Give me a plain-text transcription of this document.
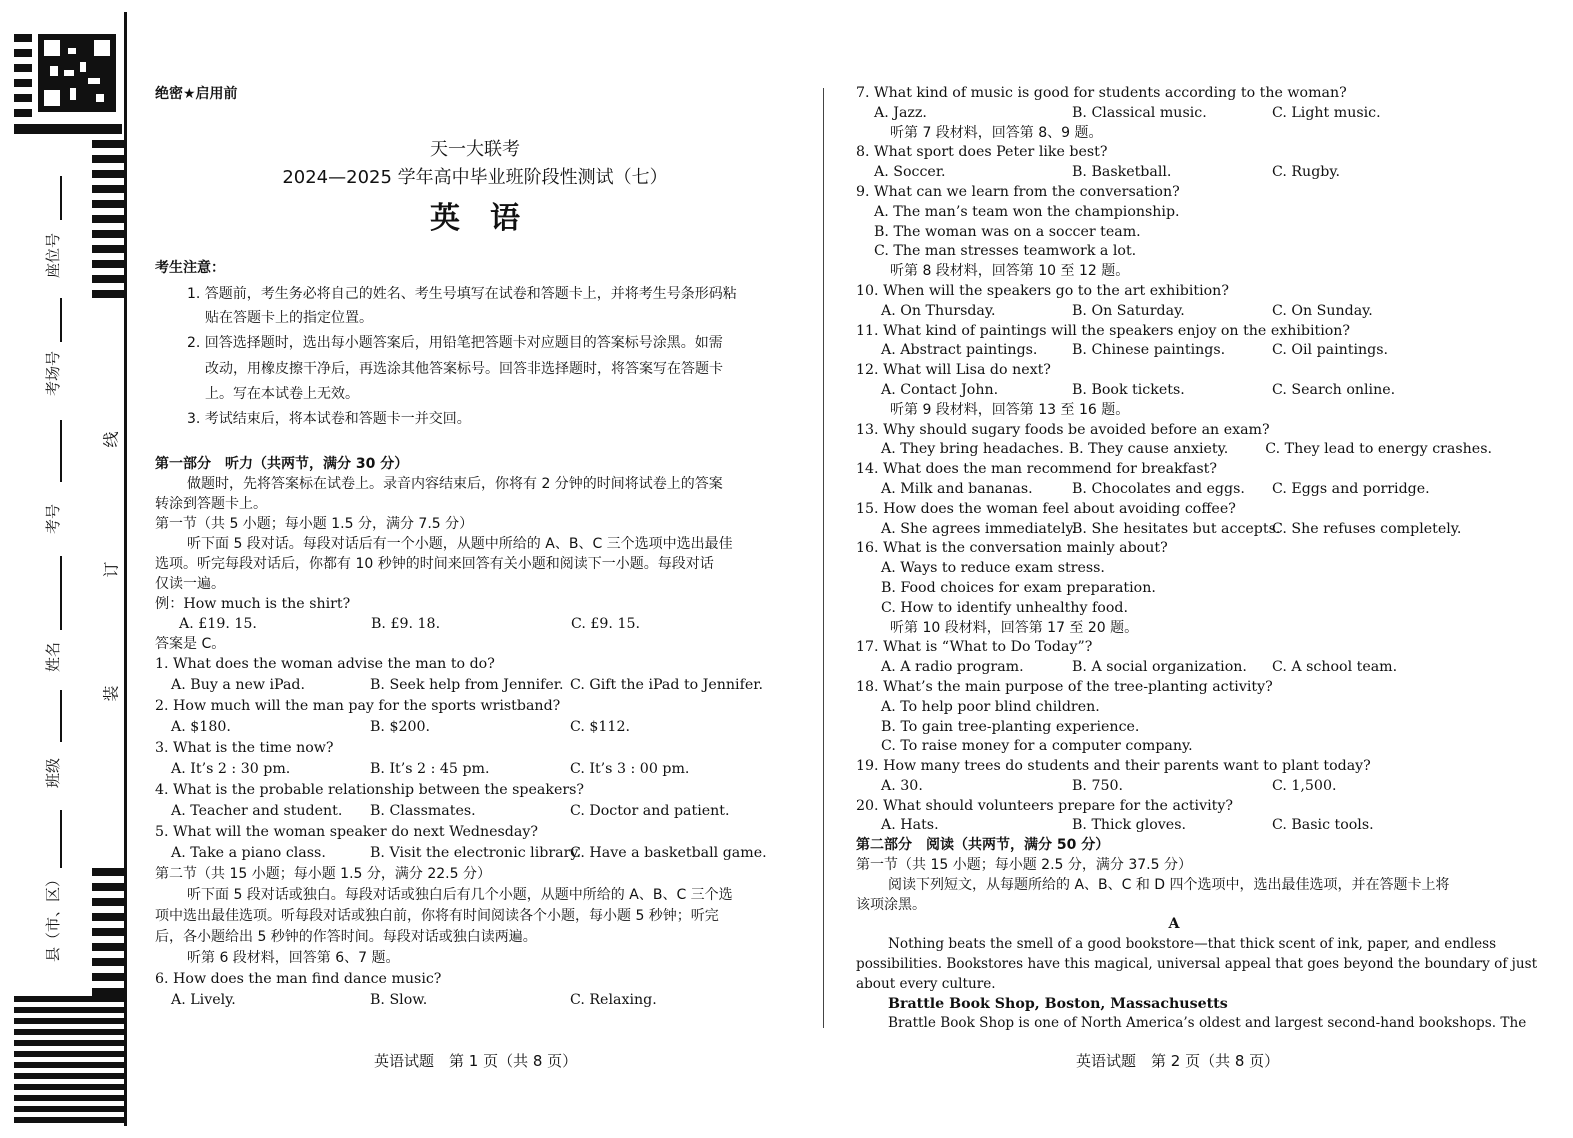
座位号
考场号
考号
姓名
班级
县（市、区）
线
订
装
绝密★启用前
天一大联考
2024—2025 学年高中毕业班阶段性测试（七）
英　语
考生注意：
1. 答题前，考生务必将自己的姓名、考生号填写在试卷和答题卡上，并将考生号条形码粘
贴在答题卡上的指定位置。
2. 回答选择题时，选出每小题答案后，用铅笔把答题卡对应题目的答案标号涂黑。如需
改动，用橡皮擦干净后，再选涂其他答案标号。回答非选择题时，将答案写在答题卡
上。写在本试卷上无效。
3. 考试结束后，将本试卷和答题卡一并交回。
第一部分　听力（共两节，满分 30 分）
做题时，先将答案标在试卷上。录音内容结束后，你将有 2 分钟的时间将试卷上的答案
转涂到答题卡上。
第一节（共 5 小题；每小题 1.5 分，满分 7.5 分）
听下面 5 段对话。每段对话后有一个小题，从题中所给的 A、B、C 三个选项中选出最佳
选项。听完每段对话后，你都有 10 秒钟的时间来回答有关小题和阅读下一小题。每段对话
仅读一遍。
例：How much is the shirt?
A. £19. 15.	B. £9. 18.	C. £9. 15.
答案是 C。
1. What does the woman advise the man to do?
A. Buy a new iPad.	B. Seek help from Jennifer. C. Gift the iPad to Jennifer.
2. How much will the man pay for the sports wristband?
A. $180.	B. $200.	C. $112.
3. What is the time now?
A. It’s 2 : 30 pm.	B. It’s 2 : 45 pm.	C. It’s 3 : 00 pm.
4. What is the probable relationship between the speakers?
A. Teacher and student.	B. Classmates.	C. Doctor and patient.
5. What will the woman speaker do next Wednesday?
A. Take a piano class.	B. Visit the electronic library.
C. Have a basketball game.
第二节（共 15 小题；每小题 1.5 分，满分 22.5 分）
听下面 5 段对话或独白。每段对话或独白后有几个小题，从题中所给的 A、B、C 三个选
项中选出最佳选项。听每段对话或独白前，你将有时间阅读各个小题，每小题 5 秒钟；听完
后，各小题给出 5 秒钟的作答时间。每段对话或独白读两遍。
听第 6 段材料，回答第 6、7 题。
6. How does the man find dance music?
A. Lively.	B. Slow.	C. Relaxing.
英语试题　第 1 页（共 8 页）
7. What kind of music is good for students according to the woman?
A. Jazz.	B. Classical music.	C. Light music.
听第 7 段材料，回答第 8、9 题。
8. What sport does Peter like best?
A. Soccer.	B. Basketball.	C. Rugby.
9. What can we learn from the conversation?
A. The man’s team won the championship.
B. The woman was on a soccer team.
C. The man stresses teamwork a lot.
听第 8 段材料，回答第 10 至 12 题。
10. When will the speakers go to the art exhibition?
A. On Thursday.	B. On Saturday.	C. On Sunday.
11. What kind of paintings will the speakers enjoy on the exhibition?
A. Abstract paintings.	B. Chinese paintings.	C. Oil paintings.
12. What will Lisa do next?
A. Contact John.	B. Book tickets.	C. Search online.
听第 9 段材料，回答第 13 至 16 题。
13. Why should sugary foods be avoided before an exam?
A. They bring headaches. B. They cause anxiety.	C. They lead to energy crashes.
14. What does the man recommend for breakfast?
A. Milk and bananas.	B. Chocolates and eggs.	C. Eggs and porridge.
15. How does the woman feel about avoiding coffee?
A. She agrees immediately.
B. She hesitates but accepts.
C. She refuses completely.
16. What is the conversation mainly about?
A. Ways to reduce exam stress.
B. Food choices for exam preparation.
C. How to identify unhealthy food.
听第 10 段材料，回答第 17 至 20 题。
17. What is “What to Do Today”?
A. A radio program.	B. A social organization.	C. A school team.
18. What’s the main purpose of the tree-planting activity?
A. To help poor blind children.
B. To gain tree-planting experience.
C. To raise money for a computer company.
19. How many trees do students and their parents want to plant today?
A. 30.	B. 750.	C. 1,500.
20. What should volunteers prepare for the activity?
A. Hats.	B. Thick gloves.	C. Basic tools.
第二部分　阅读（共两节，满分 50 分）
第一节（共 15 小题；每小题 2.5 分，满分 37.5 分）
阅读下列短文，从每题所给的 A、B、C 和 D 四个选项中，选出最佳选项，并在答题卡上将
该项涂黑。
A
Nothing beats the smell of a good bookstore—that thick scent of ink, paper, and endless
possibilities. Bookstores have this magical, universal appeal that goes beyond the boundary of just
about every culture.
Brattle Book Shop, Boston, Massachusetts
Brattle Book Shop is one of North America’s oldest and largest second-hand bookshops. The
英语试题　第 2 页（共 8 页）
